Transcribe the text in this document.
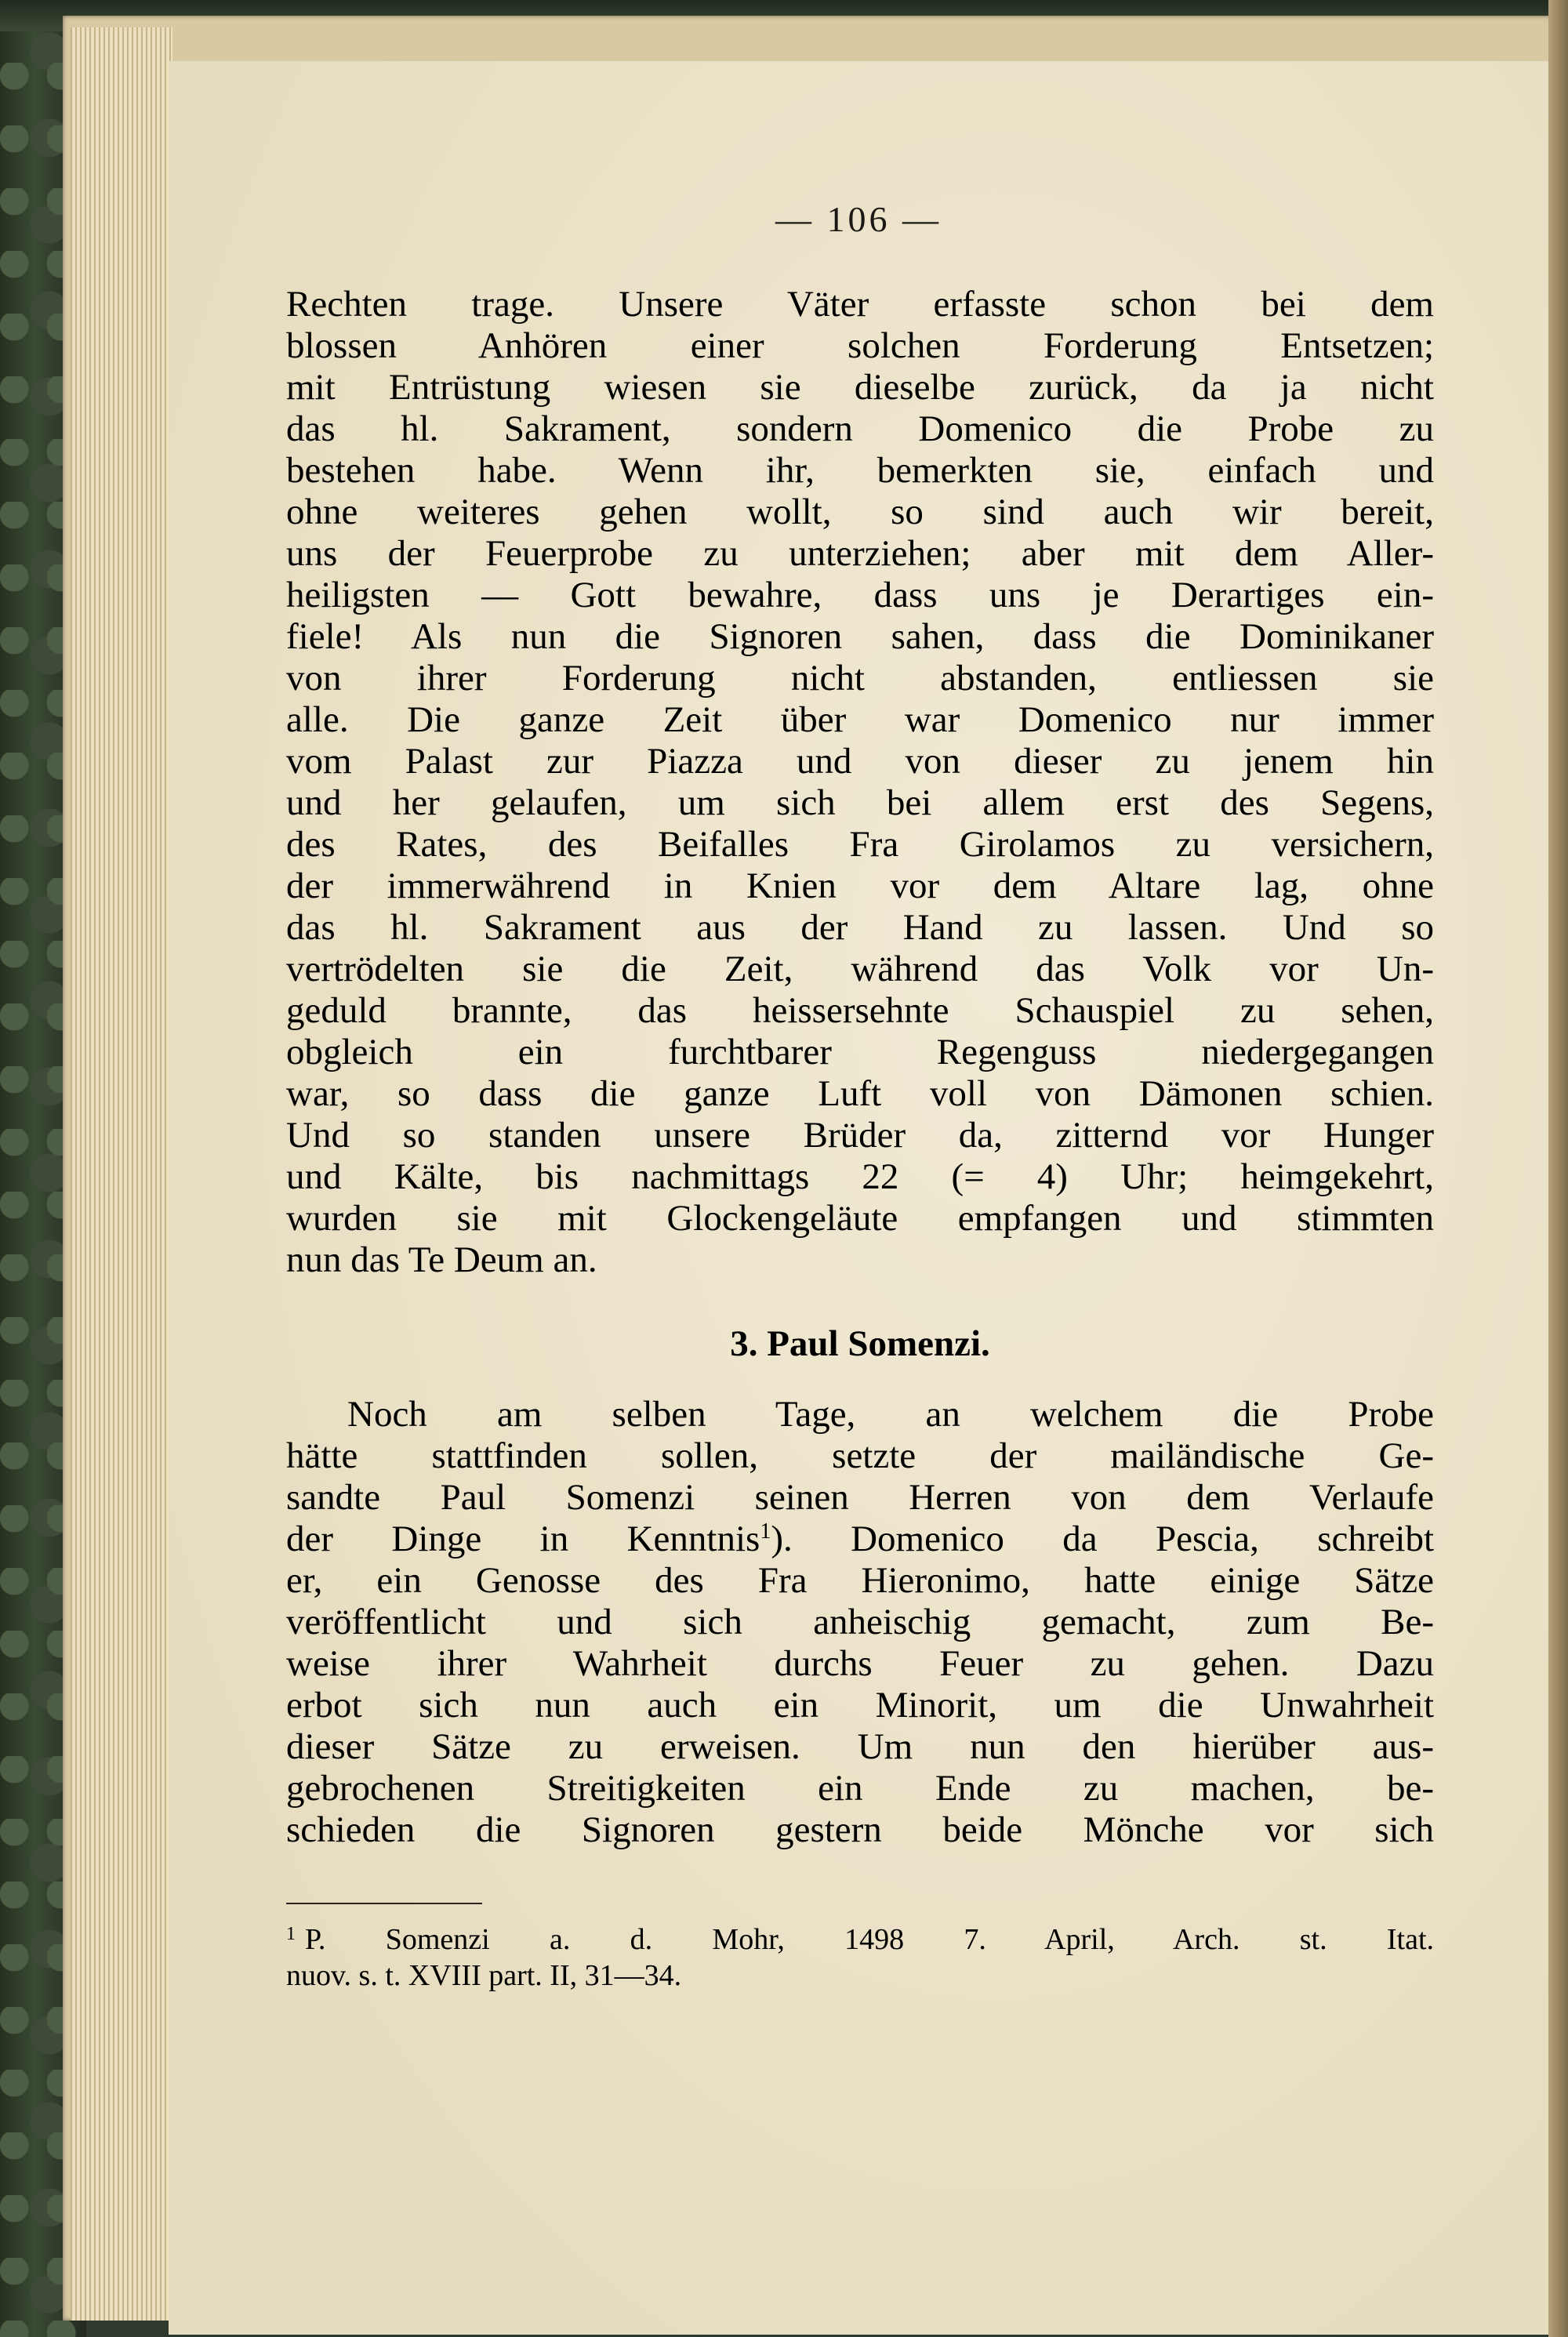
— 106 —
Rechten trage. Unsere Väter erfasste schon bei dem
blossen Anhören einer solchen Forderung Entsetzen;
mit Entrüstung wiesen sie dieselbe zurück, da ja nicht
das hl. Sakrament, sondern Domenico die Probe zu
bestehen habe. Wenn ihr, bemerkten sie, einfach und
ohne weiteres gehen wollt, so sind auch wir bereit,
uns der Feuerprobe zu unterziehen; aber mit dem Aller-
heiligsten — Gott bewahre, dass uns je Derartiges ein-
fiele! Als nun die Signoren sahen, dass die Dominikaner
von ihrer Forderung nicht abstanden, entliessen sie
alle. Die ganze Zeit über war Domenico nur immer
vom Palast zur Piazza und von dieser zu jenem hin
und her gelaufen, um sich bei allem erst des Segens,
des Rates, des Beifalles Fra Girolamos zu versichern,
der immerwährend in Knien vor dem Altare lag, ohne
das hl. Sakrament aus der Hand zu lassen. Und so
vertrödelten sie die Zeit, während das Volk vor Un-
geduld brannte, das heissersehnte Schauspiel zu sehen,
obgleich ein furchtbarer Regenguss niedergegangen
war, so dass die ganze Luft voll von Dämonen schien.
Und so standen unsere Brüder da, zitternd vor Hunger
und Kälte, bis nachmittags 22 (= 4) Uhr; heimgekehrt,
wurden sie mit Glockengeläute empfangen und stimmten
nun das Te Deum an.
3. Paul Somenzi.
Noch am selben Tage, an welchem die Probe
hätte stattfinden sollen, setzte der mailändische Ge-
sandte Paul Somenzi seinen Herren von dem Verlaufe
der Dinge in Kenntnis$^1$). Domenico da Pescia, schreibt
er, ein Genosse des Fra Hieronimo, hatte einige Sätze
veröffentlicht und sich anheischig gemacht, zum Be-
weise ihrer Wahrheit durchs Feuer zu gehen. Dazu
erbot sich nun auch ein Minorit, um die Unwahrheit
dieser Sätze zu erweisen. Um nun den hierüber aus-
gebrochenen Streitigkeiten ein Ende zu machen, be-
schieden die Signoren gestern beide Mönche vor sich
$^1$ P. Somenzi a. d. Mohr, 1498 7. April, Arch. st. Itat.
nuov. s. t. XVIII part. II, 31—34.
